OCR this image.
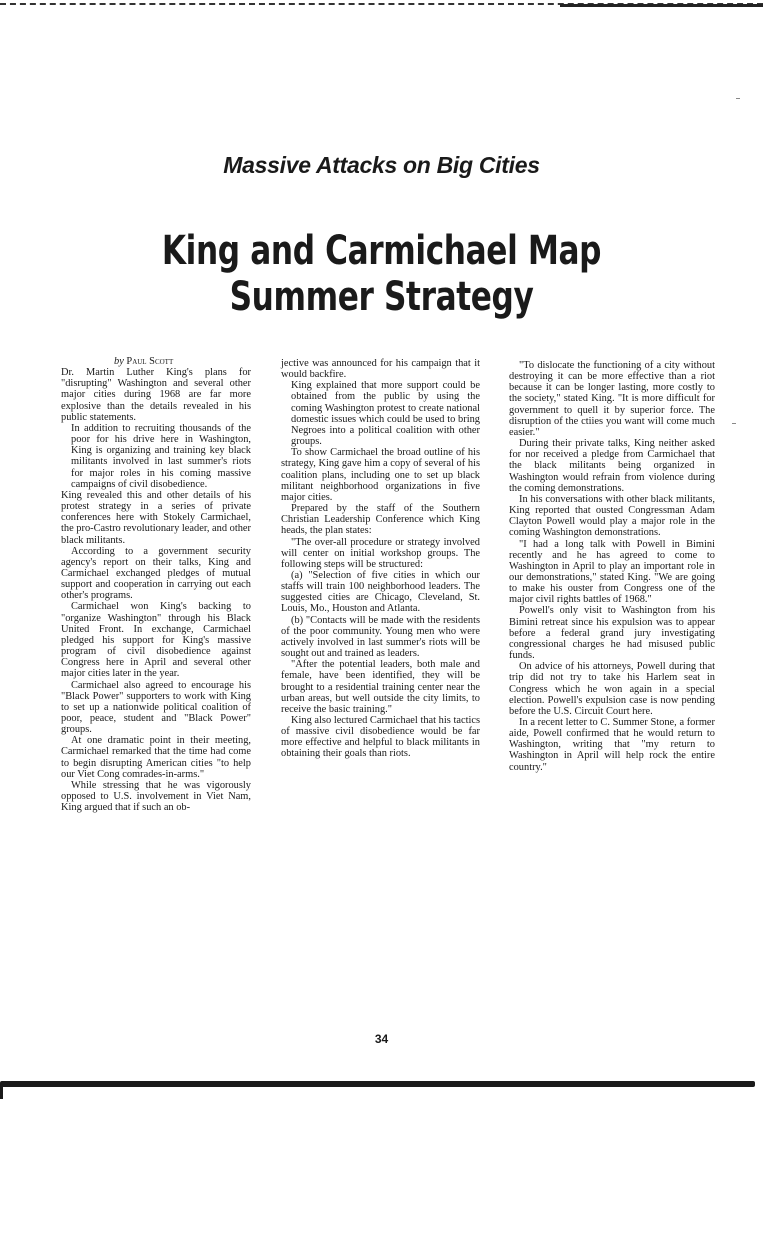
Massive Attacks on Big Cities
King and Carmichael Map
Summer Strategy

by Paul Scott

Dr. Martin Luther King's plans for "disrupting" Washington and several other major cities during 1968 are far more explosive than the details revealed in his public statements.

In addition to recruiting thousands of the poor for his drive here in Washington, King is organizing and training key black militants involved in last summer's riots for major roles in his coming massive campaigns of civil disobedience.

King revealed this and other details of his protest strategy in a series of private conferences here with Stokely Carmichael, the pro-Castro revolutionary leader, and other black militants.

According to a government security agency's report on their talks, King and Carmichael exchanged pledges of mutual support and cooperation in carrying out each other's programs.

Carmichael won King's backing to "organize Washington" through his Black United Front. In exchange, Carmichael pledged his support for King's massive program of civil disobedience against Congress here in April and several other major cities later in the year.

Carmichael also agreed to encourage his "Black Power" supporters to work with King to set up a nationwide political coalition of poor, peace, student and "Black Power" groups.

At one dramatic point in their meeting, Carmichael remarked that the time had come to begin disrupting American cities "to help our Viet Cong comrades-in-arms."

While stressing that he was vigorously opposed to U.S. involvement in Viet Nam, King argued that if such an ob-

jective was announced for his campaign that it would backfire.

King explained that more support could be obtained from the public by using the coming Washington protest to create national domestic issues which could be used to bring Negroes into a political coalition with other groups.

To show Carmichael the broad outline of his strategy, King gave him a copy of several of his coalition plans, including one to set up black militant neighborhood organizations in five major cities.

Prepared by the staff of the Southern Christian Leadership Conference which King heads, the plan states:

"The over-all procedure or strategy involved will center on initial workshop groups. The following steps will be structured:

(a) "Selection of five cities in which our staffs will train 100 neighborhood leaders. The suggested cities are Chicago, Cleveland, St. Louis, Mo., Houston and Atlanta.

(b) "Contacts will be made with the residents of the poor community. Young men who were actively involved in last summer's riots will be sought out and trained as leaders.

"After the potential leaders, both male and female, have been identified, they will be brought to a residential training center near the urban areas, but well outside the city limits, to receive the basic training."

King also lectured Carmichael that his tactics of massive civil disobedience would be far more effective and helpful to black militants in obtaining their goals than riots.

"To dislocate the functioning of a city without destroying it can be more effective than a riot because it can be longer lasting, more costly to the society," stated King. "It is more difficult for government to quell it by superior force. The disruption of the ctiies you want will come much easier."

During their private talks, King neither asked for nor received a pledge from Carmichael that the black militants being organized in Washington would refrain from violence during the coming demonstrations.

In his conversations with other black militants, King reported that ousted Congressman Adam Clayton Powell would play a major role in the coming Washington demonstrations.

"I had a long talk with Powell in Bimini recently and he has agreed to come to Washington in April to play an important role in our demonstrations," stated King. "We are going to make his ouster from Congress one of the major civil rights battles of 1968."

Powell's only visit to Washington from his Bimini retreat since his expulsion was to appear before a federal grand jury investigating congressional charges he had misused public funds.

On advice of his attorneys, Powell during that trip did not try to take his Harlem seat in Congress which he won again in a special election. Powell's expulsion case is now pending before the U.S. Circuit Court here.

In a recent letter to C. Summer Stone, a former aide, Powell confirmed that he would return to Washington, writing that "my return to Washington in April will help rock the entire country."

34
